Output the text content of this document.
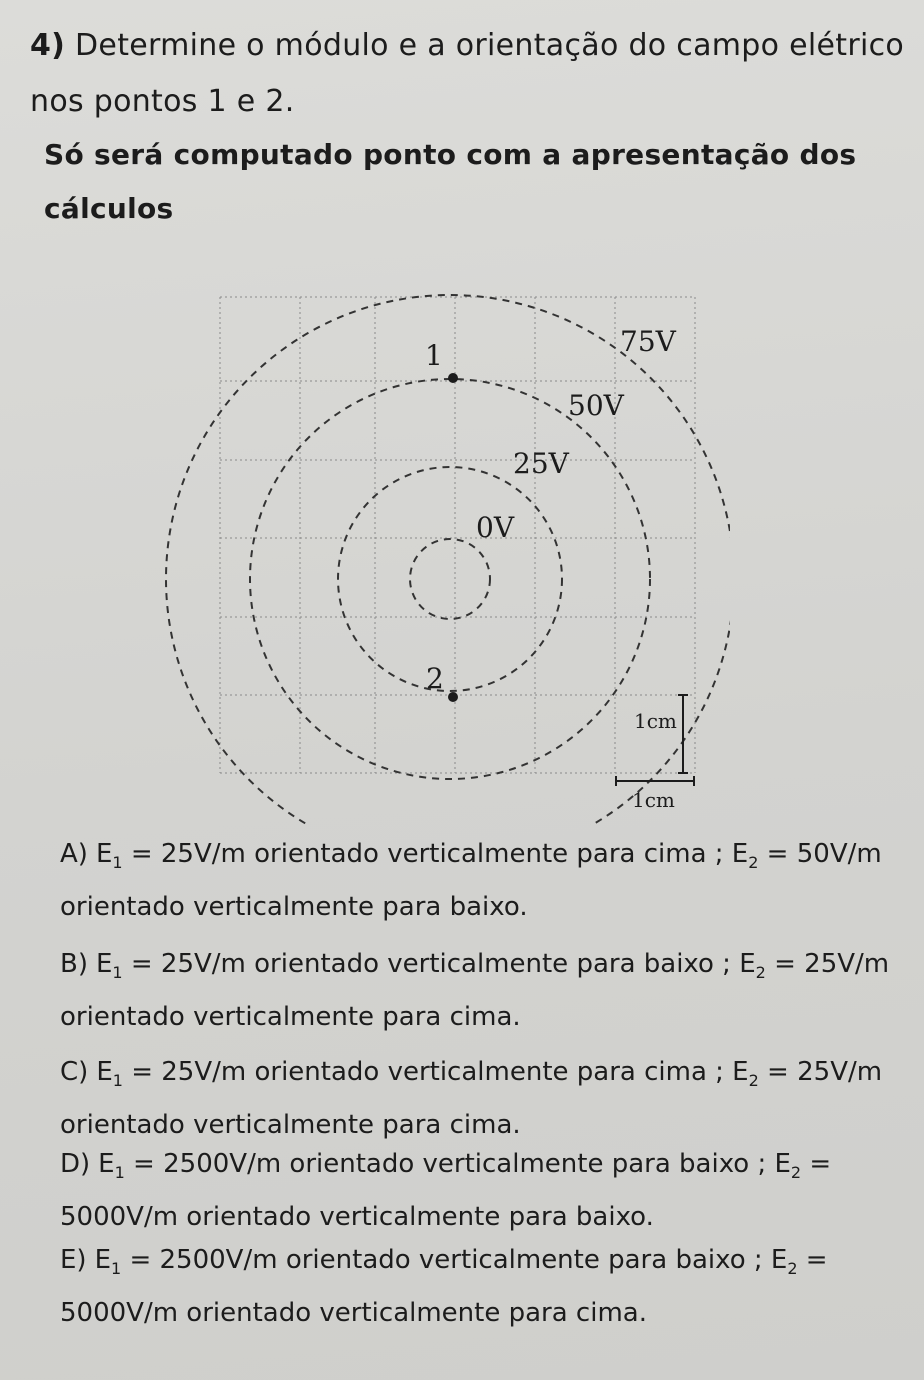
4) Determine o módulo e a orientação do campo elétrico nos pontos 1 e 2.
Só será computado ponto com a apresentação dos cálculos
0V
25V
50V
75V
1
2
1cm
1cm
A) $E_1 = 25V/m$ orientado verticalmente para cima ; $E_2 = 50V/m$ orientado verticalmente para baixo.
B) $E_1 = 25V/m$ orientado verticalmente para baixo ; $E_2 = 25V/m$ orientado verticalmente para cima.
C) $E_1 = 25V/m$ orientado verticalmente para cima ; $E_2 = 25V/m$ orientado verticalmente para cima.
D) $E_1 = 2500V/m$ orientado verticalmente para baixo ; $E_2 = 5000V/m$ orientado verticalmente para baixo.
E) $E_1 = 2500V/m$ orientado verticalmente para baixo ; $E_2 = 5000V/m$ orientado verticalmente para cima.
